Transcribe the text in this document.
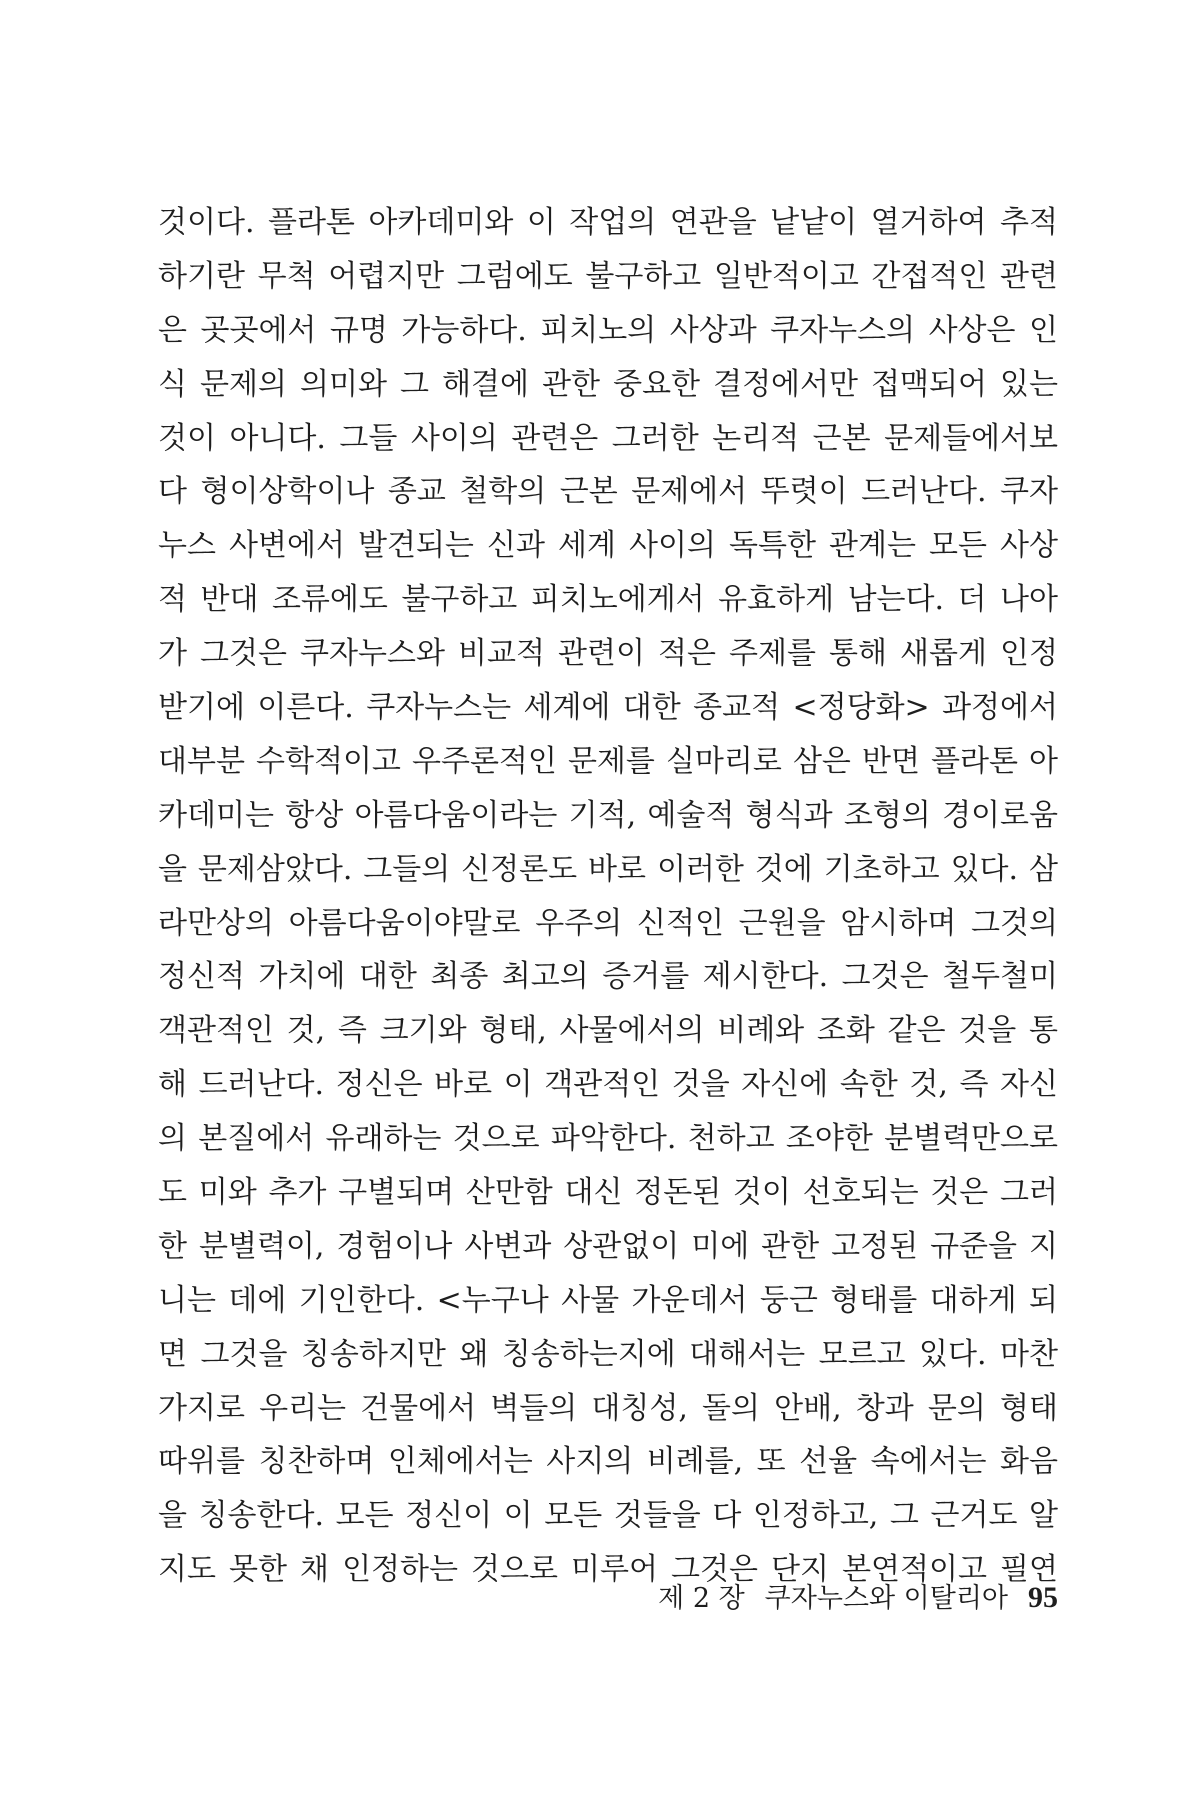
것이다. 플라톤 아카데미와 이 작업의 연관을 낱낱이 열거하여 추적
하기란 무척 어렵지만 그럼에도 불구하고 일반적이고 간접적인 관련
은 곳곳에서 규명 가능하다. 피치노의 사상과 쿠자누스의 사상은 인
식 문제의 의미와 그 해결에 관한 중요한 결정에서만 접맥되어 있는
것이 아니다. 그들 사이의 관련은 그러한 논리적 근본 문제들에서보
다 형이상학이나 종교 철학의 근본 문제에서 뚜렷이 드러난다. 쿠자
누스 사변에서 발견되는 신과 세계 사이의 독특한 관계는 모든 사상
적 반대 조류에도 불구하고 피치노에게서 유효하게 남는다. 더 나아
가 그것은 쿠자누스와 비교적 관련이 적은 주제를 통해 새롭게 인정
받기에 이른다. 쿠자누스는 세계에 대한 종교적 <정당화> 과정에서
대부분 수학적이고 우주론적인 문제를 실마리로 삼은 반면 플라톤 아
카데미는 항상 아름다움이라는 기적, 예술적 형식과 조형의 경이로움
을 문제삼았다. 그들의 신정론도 바로 이러한 것에 기초하고 있다. 삼
라만상의 아름다움이야말로 우주의 신적인 근원을 암시하며 그것의
정신적 가치에 대한 최종 최고의 증거를 제시한다. 그것은 철두철미
객관적인 것, 즉 크기와 형태, 사물에서의 비례와 조화 같은 것을 통
해 드러난다. 정신은 바로 이 객관적인 것을 자신에 속한 것, 즉 자신
의 본질에서 유래하는 것으로 파악한다. 천하고 조야한 분별력만으로
도 미와 추가 구별되며 산만함 대신 정돈된 것이 선호되는 것은 그러
한 분별력이, 경험이나 사변과 상관없이 미에 관한 고정된 규준을 지
니는 데에 기인한다. <누구나 사물 가운데서 둥근 형태를 대하게 되
면 그것을 칭송하지만 왜 칭송하는지에 대해서는 모르고 있다. 마찬
가지로 우리는 건물에서 벽들의 대칭성, 돌의 안배, 창과 문의 형태
따위를 칭찬하며 인체에서는 사지의 비례를, 또 선율 속에서는 화음
을 칭송한다. 모든 정신이 이 모든 것들을 다 인정하고, 그 근거도 알
지도 못한 채 인정하는 것으로 미루어 그것은 단지 본연적이고 필연
제 2 장 쿠자누스와 이탈리아 95
